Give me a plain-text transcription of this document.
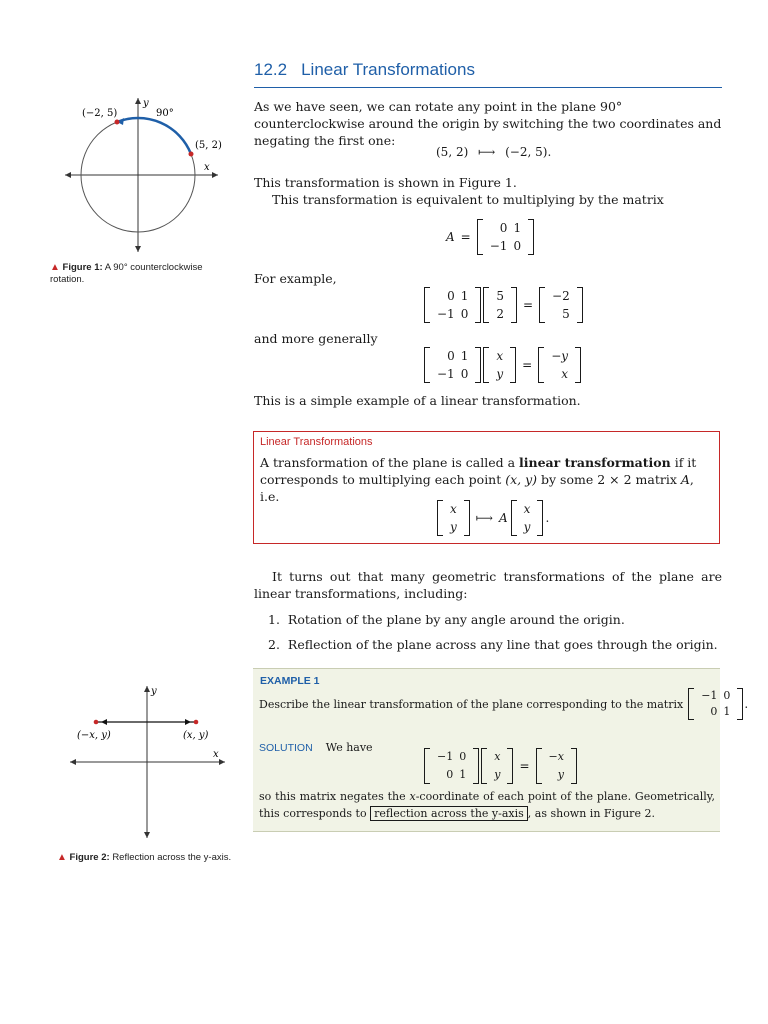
12.2 Linear Transformations
(−2, 5)
(5, 2)
90°
x
y
▲ Figure 1: A 90° counterclockwise rotation.
As we have seen, we can rotate any point in the plane 90° counterclockwise around the origin by switching the two coordinates and negating the first one:
(5, 2) ⟼ (−2, 5).
This transformation is shown in Figure 1.
This transformation is equivalent to multiplying by the matrix
A =
0 1
−1 0
For example,
0 1
−1 0
5
2
=
−2
5
and more generally
0 1
−1 0
x
y
=
−y
x
This is a simple example of a linear transformation.
Linear Transformations
A transformation of the plane is called a linear transformation if it corresponds to multiplying each point (x, y) by some 2 × 2 matrix A, i.e.
x
y
⟼ A
x
y
.
It turns out that many geometric transformations of the plane are linear transformations, including:
1. Rotation of the plane by any angle around the origin.
2. Reflection of the plane across any line that goes through the origin.
EXAMPLE 1
Describe the linear transformation of the plane corresponding to the matrix
−1 0
0 1
.
SOLUTION We have
−1 0
0 1
x
y
=
−x
y
so this matrix negates the x-coordinate of each point of the plane. Geometrically, this corresponds to reflection across the y-axis , as shown in Figure 2.
(−x, y)	(x, y)
x
y
▲ Figure 2: Reflection across the y-axis.
